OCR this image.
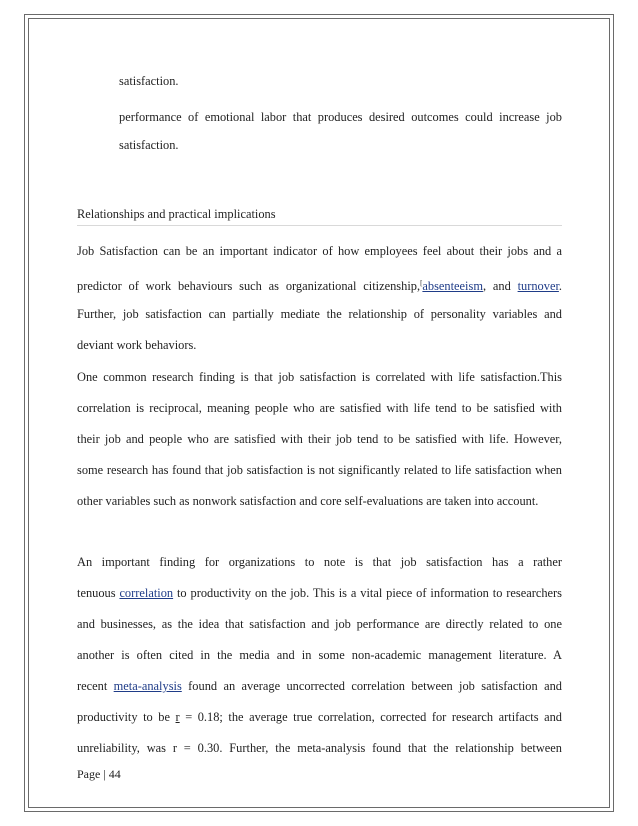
satisfaction.
performance of emotional labor that produces desired outcomes could increase job
satisfaction.
Relationships and practical implications
Job Satisfaction can be an important indicator of how employees feel about their jobs and a
predictor of work behaviours such as organizational citizenship,[absenteeism, and turnover.
Further, job satisfaction can partially mediate the relationship of personality variables and
deviant work behaviors.
One common research finding is that job satisfaction is correlated with life satisfaction.This
correlation is reciprocal, meaning people who are satisfied with life tend to be satisfied with
their job and people who are satisfied with their job tend to be satisfied with life. However,
some research has found that job satisfaction is not significantly related to life satisfaction when
other variables such as nonwork satisfaction and core self-evaluations are taken into account.
An important finding for organizations to note is that job satisfaction has a rather
tenuous correlation to productivity on the job. This is a vital piece of information to researchers
and businesses, as the idea that satisfaction and job performance are directly related to one
another is often cited in the media and in some non-academic management literature. A
recent meta-analysis found an average uncorrected correlation between job satisfaction and
productivity to be r = 0.18; the average true correlation, corrected for research artifacts and
unreliability, was r = 0.30. Further, the meta-analysis found that the relationship between
Page | 44
